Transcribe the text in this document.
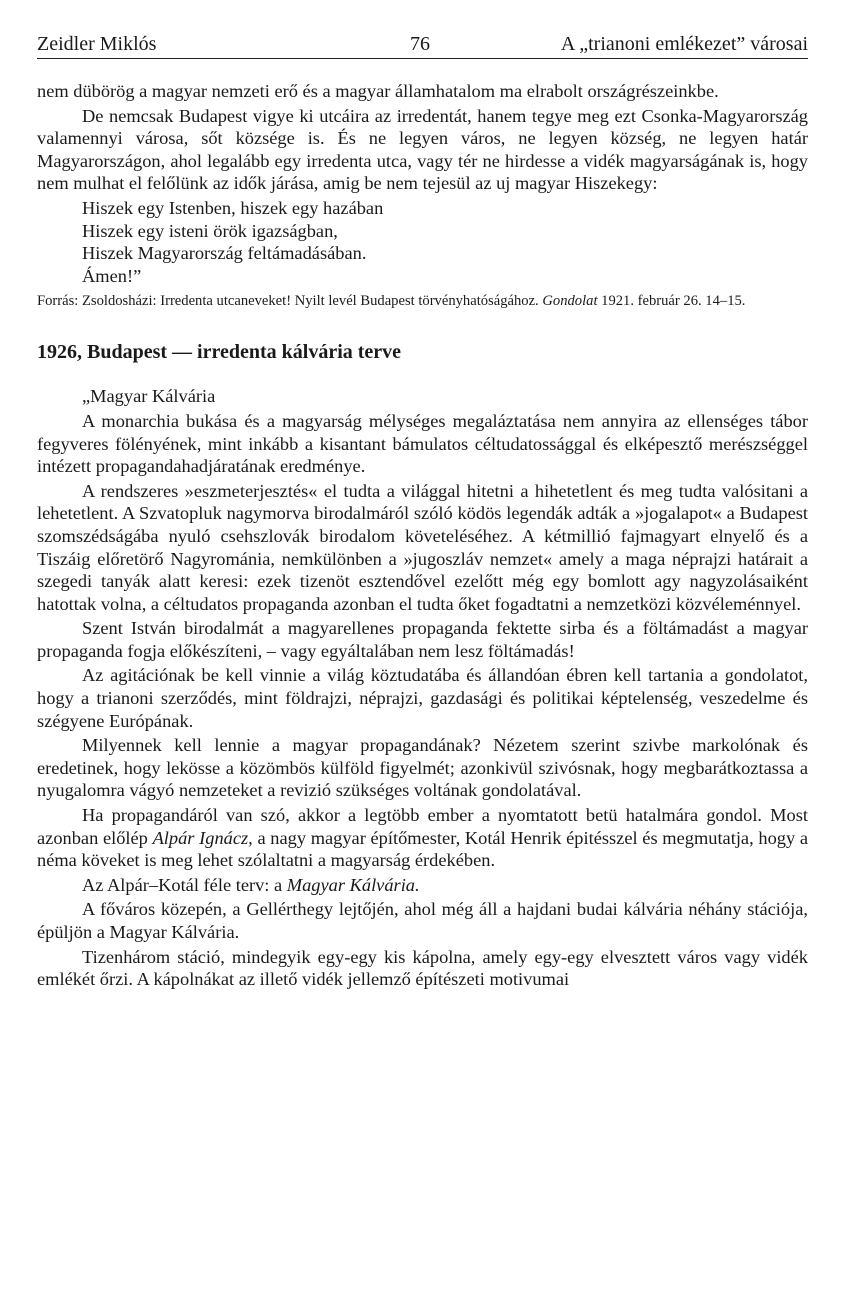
Zeidler Miklós	76	A „trianoni emlékezet” városai

nem dübörög a magyar nemzeti erő és a magyar államhatalom ma elrabolt országrészeinkbe.

De nemcsak Budapest vigye ki utcáira az irredentát, hanem tegye meg ezt Csonka-Magyarország valamennyi városa, sőt községe is. És ne legyen város, ne legyen község, ne legyen határ Magyarországon, ahol legalább egy irredenta utca, vagy tér ne hirdesse a vidék magyarságának is, hogy nem mulhat el felőlünk az idők járása, amig be nem tejesül az uj magyar Hiszekegy:

Hiszek egy Istenben, hiszek egy hazában
Hiszek egy isteni örök igazságban,
Hiszek Magyarország feltámadásában.
Ámen!”
Forrás: Zsoldosházi: Irredenta utcaneveket! Nyilt levél Budapest törvényhatóságához. Gondolat 1921. február 26. 14–15.
1926, Budapest — irredenta kálvária terve

„Magyar Kálvária

A monarchia bukása és a magyarság mélységes megaláztatása nem annyira az ellenséges tábor fegyveres fölényének, mint inkább a kisantant bámulatos céltudatossággal és elképesztő merészséggel intézett propagandahadjáratának eredménye.

A rendszeres »eszmeterjesztés« el tudta a világgal hitetni a hihetetlent és meg tudta valósitani a lehetetlent. A Szvatopluk nagymorva birodalmáról szóló ködös legendák adták a »jogalapot« a Budapest szomszédságába nyuló csehszlovák birodalom követeléséhez. A kétmillió fajmagyart elnyelő és a Tiszáig előretörő Nagyrománia, nemkülönben a »jugoszláv nemzet« amely a maga néprajzi határait a szegedi tanyák alatt keresi: ezek tizenöt esztendővel ezelőtt még egy bomlott agy nagyzolásaiként hatottak volna, a céltudatos propaganda azonban el tudta őket fogadtatni a nemzetközi közvéleménnyel.

Szent István birodalmát a magyarellenes propaganda fektette sirba és a föltámadást a magyar propaganda fogja előkészíteni, – vagy egyáltalában nem lesz föltámadás!

Az agitációnak be kell vinnie a világ köztudatába és állandóan ébren kell tartania a gondolatot, hogy a trianoni szerződés, mint földrajzi, néprajzi, gazdasági és politikai képtelenség, veszedelme és szégyene Európának.

Milyennek kell lennie a magyar propagandának? Nézetem szerint szivbe markolónak és eredetinek, hogy lekösse a közömbös külföld figyelmét; azonkivül szivósnak, hogy megbarátkoztassa a nyugalomra vágyó nemzeteket a revizió szükséges voltának gondolatával.

Ha propagandáról van szó, akkor a legtöbb ember a nyomtatott betü hatalmára gondol. Most azonban előlép Alpár Ignácz, a nagy magyar építőmester, Kotál Henrik épitésszel és megmutatja, hogy a néma köveket is meg lehet szólaltatni a magyarság érdekében.

Az Alpár–Kotál féle terv: a Magyar Kálvária.

A főváros közepén, a Gellérthegy lejtőjén, ahol még áll a hajdani budai kálvária néhány stációja, épüljön a Magyar Kálvária.

Tizenhárom stáció, mindegyik egy-egy kis kápolna, amely egy-egy elvesztett város vagy vidék emlékét őrzi. A kápolnákat az illető vidék jellemző építészeti motivumai
